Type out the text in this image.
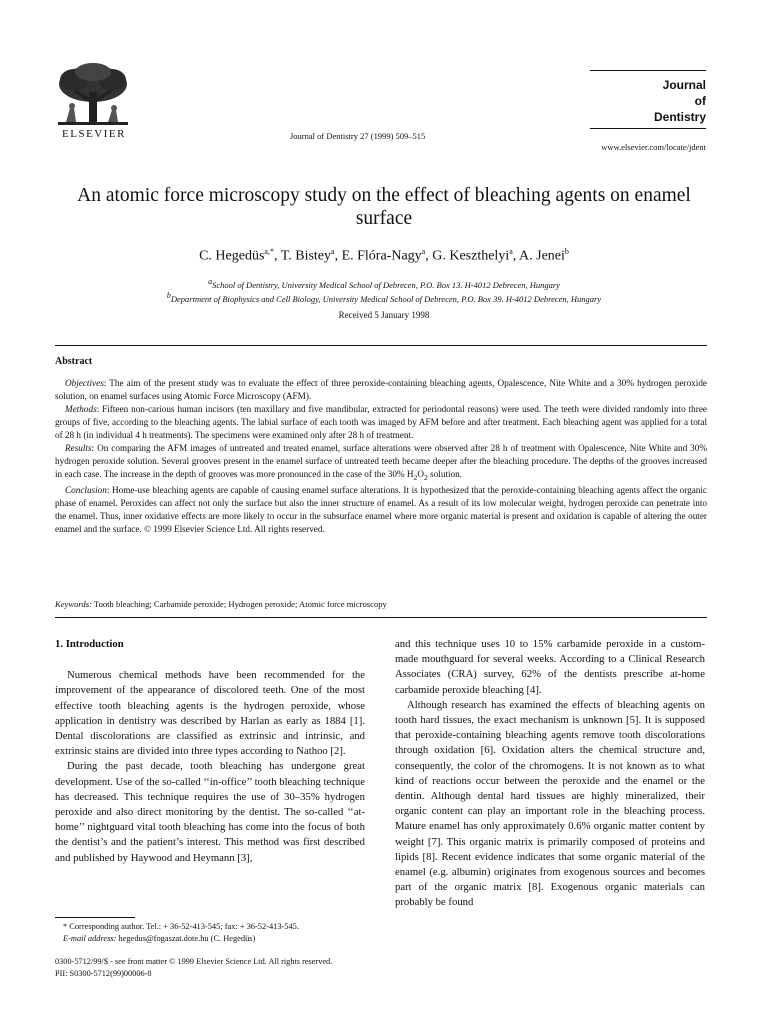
ELSEVIER	Journal of Dentistry 27 (1999) 509–515
Journal
of
Dentistry
www.elsevier.com/locate/jdent
An atomic force microscopy study on the effect of bleaching agents on enamel surface
C. Hegedüs$^{a,*}$, T. Bistey$^a$, E. Flóra-Nagy$^a$, G. Keszthelyi$^a$, A. Jenei$^b$
$^a$School of Dentistry, University Medical School of Debrecen, P.O. Box 13. H-4012 Debrecen, Hungary
$^b$Department of Biophysics and Cell Biology, University Medical School of Debrecen, P.O. Box 39. H-4012 Debrecen, Hungary
Received 5 January 1998
Abstract

Objectives: The aim of the present study was to evaluate the effect of three peroxide-containing bleaching agents, Opalescence, Nite White and a 30% hydrogen peroxide solution, on enamel surfaces using Atomic Force Microscopy (AFM).

Methods: Fifteen non-carious human incisors (ten maxillary and five mandibular, extracted for periodontal reasons) were used. The teeth were divided randomly into three groups of five, according to the bleaching agents. The labial surface of each tooth was imaged by AFM before and after treatment. Each bleaching agent was applied for a total of 28 h (in individual 4 h treatments). The specimens were examined only after 28 h of treatment.

Results: On comparing the AFM images of untreated and treated enamel, surface alterations were observed after 28 h of treatment with Opalescence, Nite White and 30% hydrogen peroxide solution. Several grooves present in the enamel surface of untreated teeth became deeper after the bleaching procedure. The depths of the grooves increased in each case. The increase in the depth of grooves was more pronounced in the case of the 30% $H_2O_2$ solution.

Conclusion: Home-use bleaching agents are capable of causing enamel surface alterations. It is hypothesized that the peroxide-containing bleaching agents affect the organic phase of enamel. Peroxides can affect not only the surface but also the inner structure of enamel. As a result of its low molecular weight, hydrogen peroxide can penetrate into the enamel. Thus, inner oxidative effects are more likely to occur in the subsurface enamel where more organic material is present and oxidation is capable of altering the outer enamel and the surface. © 1999 Elsevier Science Ltd. All rights reserved.

Keywords: Tooth bleaching; Carbamide peroxide; Hydrogen peroxide; Atomic force microscopy
1. Introduction

Numerous chemical methods have been recommended for the improvement of the appearance of discolored teeth. One of the most effective tooth bleaching agents is the hydrogen peroxide, whose application in dentistry was described by Harlan as early as 1884 [1]. Dental discolorations are classified as extrinsic and intrinsic, and extrinsic stains are divided into three types according to Nathoo [2].

During the past decade, tooth bleaching has undergone great development. Use of the so-called ‘‘in-office’’ tooth bleaching technique has decreased. This technique requires the use of 30–35% hydrogen peroxide and also direct monitoring by the dentist. The so-called ‘‘at-home’’ nightguard vital tooth bleaching has come into the focus of both the dentist’s and the patient’s interest. This method was first described and published by Haywood and Heymann [3],

and this technique uses 10 to 15% carbamide peroxide in a custom-made mouthguard for several weeks. According to a Clinical Research Associates (CRA) survey, 62% of the dentists prescribe at-home carbamide peroxide bleaching [4].

Although research has examined the effects of bleaching agents on tooth hard tissues, the exact mechanism is unknown [5]. It is supposed that peroxide-containing bleaching agents remove tooth discolorations through oxidation [6]. Oxidation alters the chemical structure and, consequently, the color of the chromogens. It is not known as to what kind of reactions occur between the peroxide and the enamel or the dentin. Although dental hard tissues are highly mineralized, their organic content can play an important role in the bleaching process. Mature enamel has only approximately 0.6% organic matter content by weight [7]. This organic matrix is primarily composed of proteins and lipids [8]. Recent evidence indicates that some organic material of the enamel (e.g. albumin) originates from exogenous sources and becomes part of the organic matrix [8]. Exogenous organic materials can probably be found

* Corresponding author. Tel.: + 36-52-413-545; fax: + 36-52-413-545.
E-mail address: hegedus@fogaszat.dote.hu (C. Hegedüs)
0300-5712/99/$ - see front matter © 1999 Elsevier Science Ltd. All rights reserved.
PII: S0300-5712(99)00006-8
